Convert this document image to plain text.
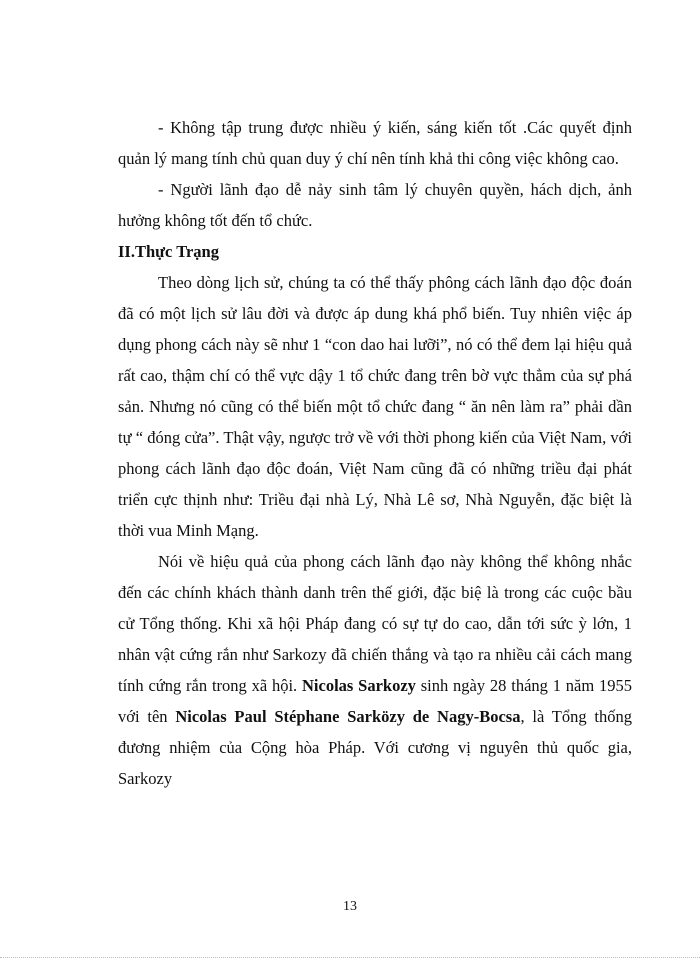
- Không tập trung được nhiều ý kiến, sáng kiến tốt .Các quyết định quản lý mang tính chủ quan duy ý chí nên tính khả thi công việc không cao.

- Người lãnh đạo dễ nảy sinh tâm lý chuyên quyền, hách dịch, ảnh hưởng không tốt đến tổ chức.

II.Thực Trạng

Theo dòng lịch sử, chúng ta có thể thấy phông cách lãnh đạo độc đoán đã có một lịch sử lâu đời và được áp dung khá phổ biến. Tuy nhiên việc áp dụng phong cách này sẽ như 1 “con dao hai lưỡi”, nó có thể đem lại hiệu quả rất cao, thậm chí có thể vực dậy 1 tổ chức đang trên bờ vực thẳm của sự phá sản. Nhưng nó cũng có thể biến một tổ chức đang “ ăn nên làm ra” phải dần tự “ đóng cửa”. Thật vậy, ngược trở về với thời phong kiến của Việt Nam, với phong cách lãnh đạo độc đoán, Việt Nam cũng đã có những triều đại phát triển cực thịnh như: Triều đại nhà Lý, Nhà Lê sơ, Nhà Nguyễn, đặc biệt là thời vua Minh Mạng.

Nói về hiệu quả của phong cách lãnh đạo này không thể không nhắc đến các chính khách thành danh trên thế giới, đặc biệ là trong các cuộc bầu cử Tổng thống. Khi xã hội Pháp đang có sự tự do cao, dẫn tới sức ỳ lớn, 1 nhân vật cứng rắn như Sarkozy đã chiến thắng và tạo ra nhiều cải cách mang tính cứng rắn trong xã hội. Nicolas Sarkozy sinh ngày 28 tháng 1 năm 1955 với tên Nicolas Paul Stéphane Sarközy de Nagy-Bocsa, là Tổng thống đương nhiệm của Cộng hòa Pháp. Với cương vị nguyên thủ quốc gia, Sarkozy

13
